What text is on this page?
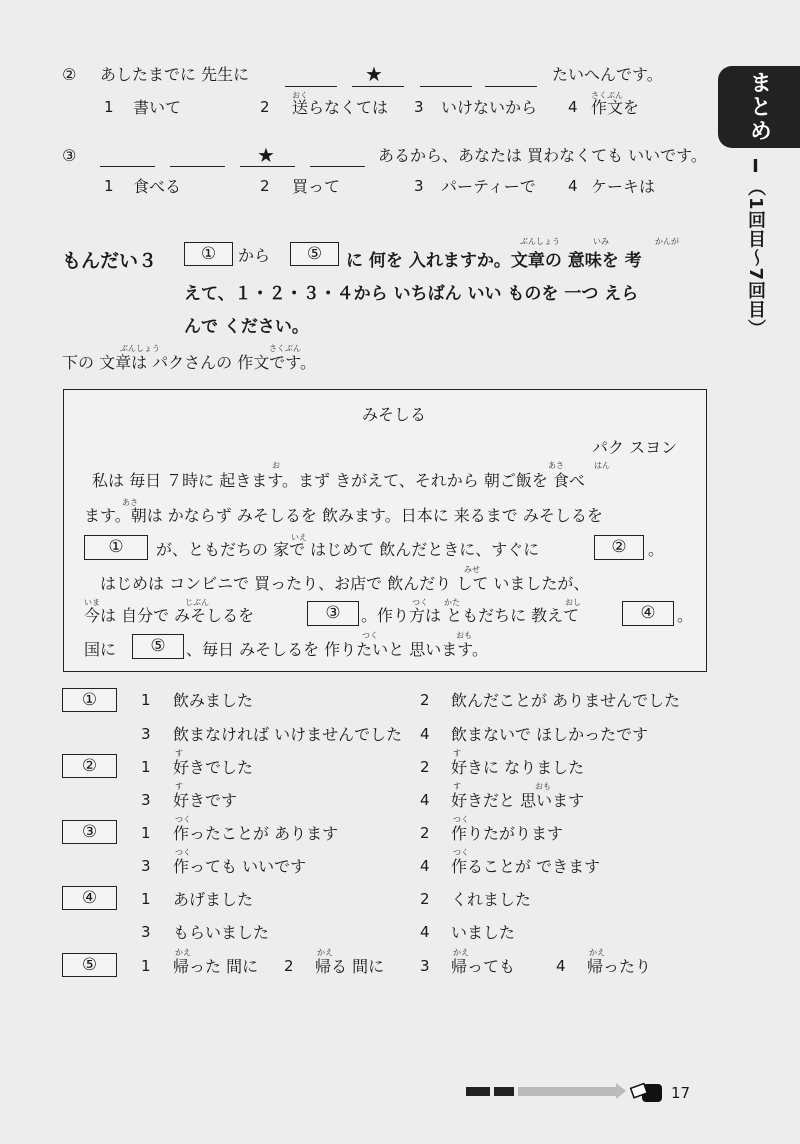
まとめ
Ⅰ（1回目〜7回目）
② あしたまでに 先生に	★	たいへんです。
おく	さくぶん
1 書いて	2 送らなくては 3 いけないから 4 作文を
③	★	あるから、あなたは 買わなくても いいです。
1 食べる	2 買って	3 パーティーで 4 ケーキは
もんだい３	①	から	⑤
ぶんしょう	いみ	かんが
に 何を 入れますか。文章の 意味を 考
えて、１・２・３・４から いちばん いい ものを 一つ えら
んで ください。
ぶんしょう	さくぶん
下の 文章は パクさんの 作文です。
みそしる
パク スヨン
お	あさ	はん
私は 毎日 ７時に 起きます。まず きがえて、それから 朝ご飯を 食べ
あさ
ます。朝は かならず みそしるを 飲みます。日本に 来るまで みそしるを
①	いえ
が、ともだちの 家で はじめて 飲んだときに、すぐに	②	。
みせ
はじめは コンビニで 買ったり、お店で 飲んだり して いましたが、
いま	じぶん	つく かた	おし
今は 自分で みそしるを	③	。作り方は ともだちに 教えて	④	。
国に	⑤
つく	おも
、毎日 みそしるを 作りたいと 思います。
①	1 飲みました	2 飲んだことが ありませんでした
3 飲まなければ いけませんでした 4 飲まないで ほしかったです
②
す	す
1 好きでした	2 好きに なりました
す	す	おも
3 好きです	4 好きだと 思います
③
つく	つく
1 作ったことが あります	2 作りたがります
つく	つく
3 作っても いいです	4 作ることが できます
④	1 あげました	2 くれました
3 もらいました	4 いました
⑤
かえ	かえ	かえ	かえ
1 帰った 間に 2 帰る 間に 3 帰っても	4 帰ったり
17
